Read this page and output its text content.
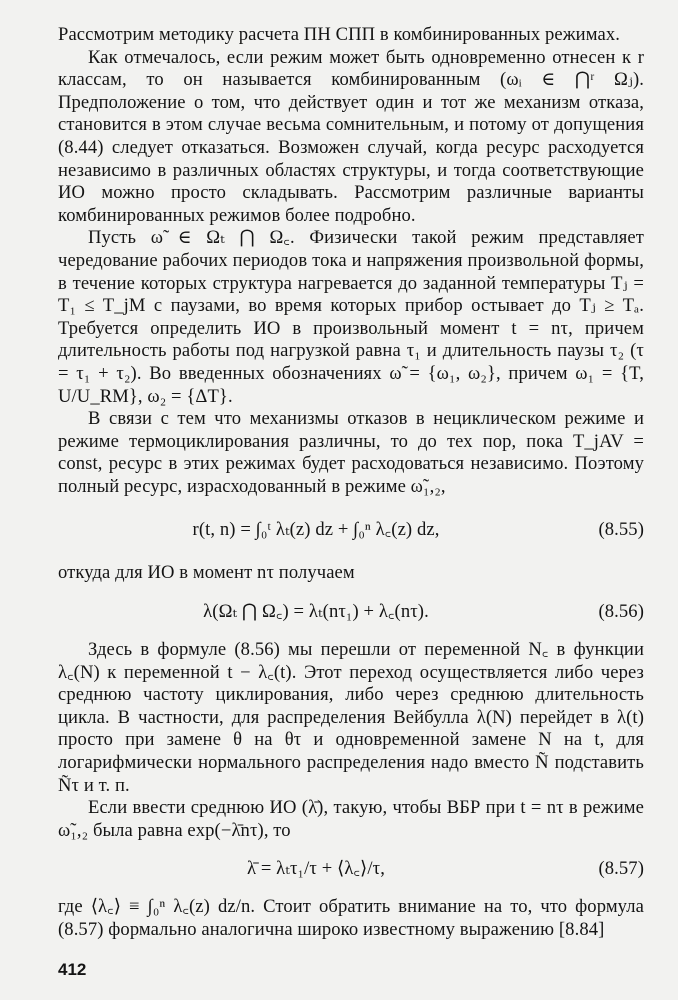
Рассмотрим методику расчета ПН СПП в комбинированных режимах.

Как отмечалось, если режим может быть одновременно отнесен к r классам, то он называется комбинированным (ωᵢ ∈ ⋂ʳ Ωⱼ). Предположение о том, что действует один и тот же механизм отказа, становится в этом случае весьма сомнительным, и потому от допущения (8.44) следует отказаться. Возможен случай, когда ресурс расходуется независимо в различных областях структуры, и тогда соответствующие ИО можно просто складывать. Рассмотрим различные варианты комбинированных режимов более подробно.

Пусть ω̃ ∈ Ωₜ ⋂ Ω꜀. Физически такой режим представляет чередование рабочих периодов тока и напряжения произвольной формы, в течение которых структура нагревается до заданной температуры Tⱼ = T₁ ≤ T_jM с паузами, во время которых прибор остывает до Tⱼ ≥ Tₐ. Требуется определить ИО в произвольный момент t = nτ, причем длительность работы под нагрузкой равна τ₁ и длительность паузы τ₂ (τ = τ₁ + τ₂). Во введенных обозначениях ω̃ = {ω₁, ω₂}, причем ω₁ = {T, U/U_RM}, ω₂ = {ΔT}.

В связи с тем что механизмы отказов в нециклическом режиме и режиме термоциклирования различны, то до тех пор, пока T_jAV = const, ресурс в этих режимах будет расходоваться независимо. Поэтому полный ресурс, израсходованный в режиме ω̃₁,₂,

r(t, n) = ∫₀ᵗ λₜ(z) dz + ∫₀ⁿ λ꜀(z) dz,	(8.55)

откуда для ИО в момент nτ получаем

λ(Ωₜ ⋂ Ω꜀) = λₜ(nτ₁) + λ꜀(nτ).	(8.56)

Здесь в формуле (8.56) мы перешли от переменной N꜀ в функции λ꜀(N) к переменной t − λ꜀(t). Этот переход осуществляется либо через среднюю частоту циклирования, либо через среднюю длительность цикла. В частности, для распределения Вейбулла λ(N) перейдет в λ(t) просто при замене θ на θτ и одновременной замене N на t, для логарифмически нормального распределения надо вместо Ñ подставить Ñτ и т. п.

Если ввести среднюю ИО (λ̄), такую, чтобы ВБР при t = nτ в режиме ω̃₁,₂ была равна exp(−λ̄nτ), то

λ̄ = λₜτ₁/τ + ⟨λ꜀⟩/τ,	(8.57)

где ⟨λ꜀⟩ ≡ ∫₀ⁿ λ꜀(z) dz/n. Стоит обратить внимание на то, что формула (8.57) формально аналогична широко известному выражению [8.84]

412
